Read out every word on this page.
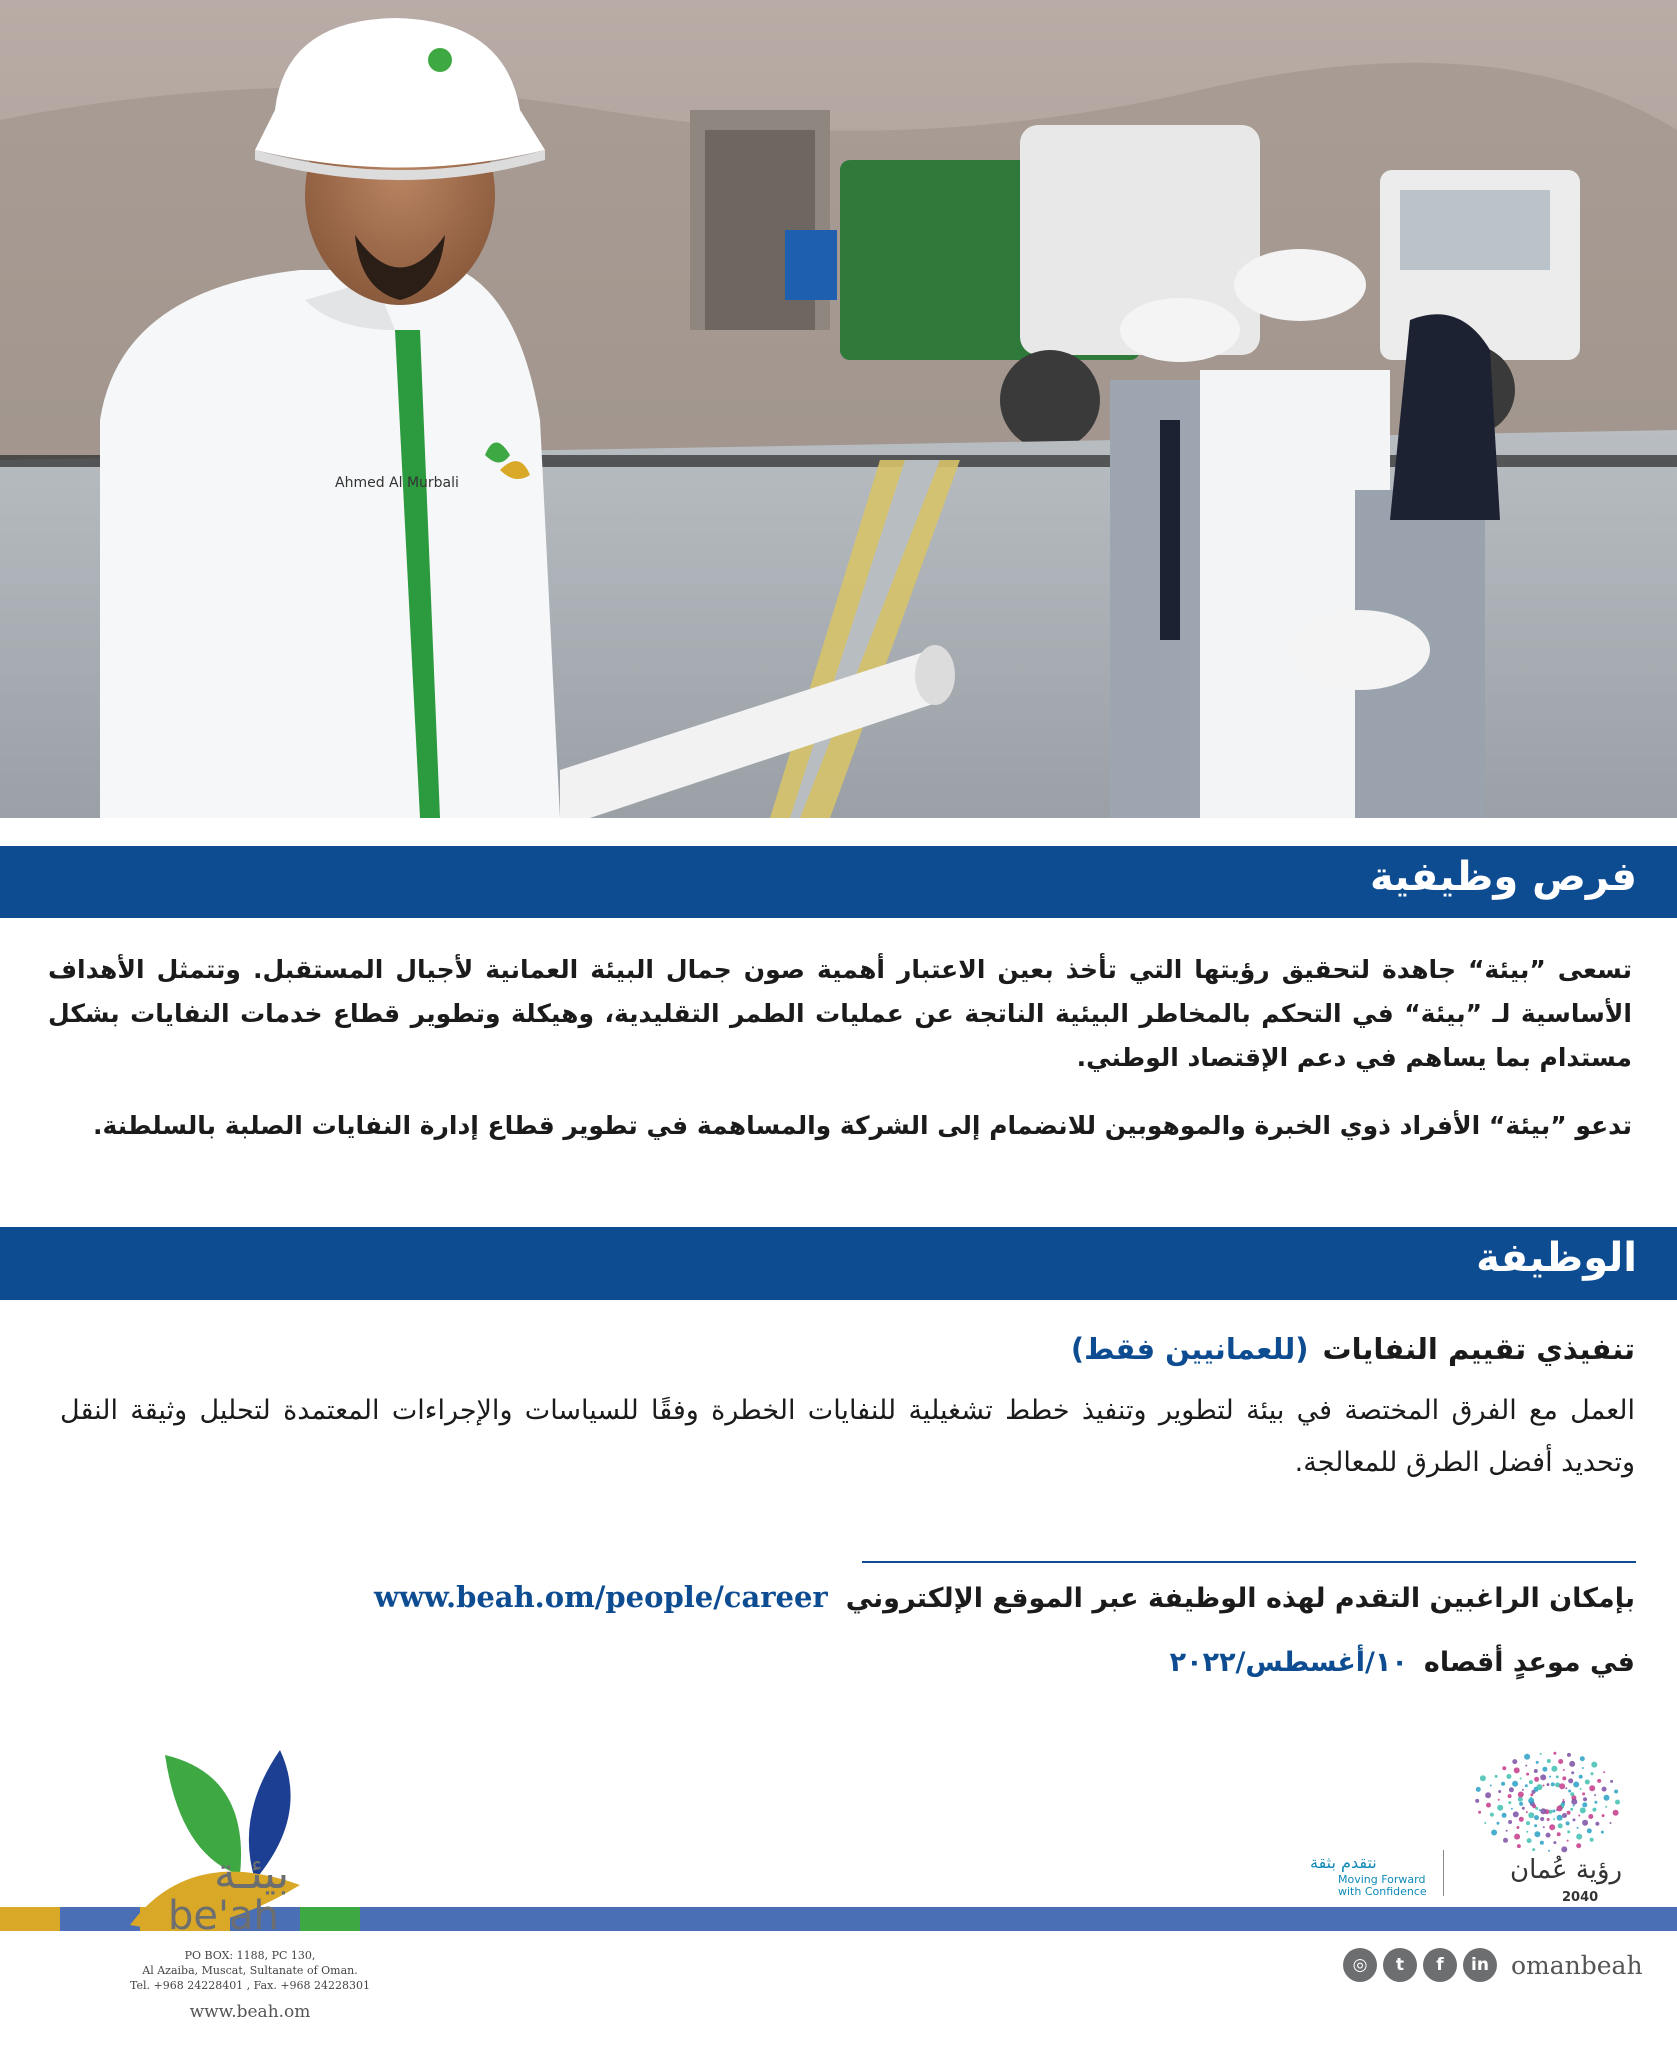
Ahmed Al Murbali
فرص وظيفية
تسعى ”بيئة“ جاهدة لتحقيق رؤيتها التي تأخذ بعين الاعتبار أهمية صون جمال البيئة العمانية لأجيال المستقبل. وتتمثل الأهداف الأساسية لـ ”بيئة“ في التحكم بالمخاطر البيئية الناتجة عن عمليات الطمر التقليدية، وهيكلة وتطوير قطاع خدمات النفايات بشكل مستدام بما يساهم في دعم الإقتصاد الوطني.
تدعو ”بيئة“ الأفراد ذوي الخبرة والموهوبين للانضمام إلى الشركة والمساهمة في تطوير قطاع إدارة النفايات الصلبة بالسلطنة.
الوظيفة
تنفيذي تقييم النفايات(للعمانيين فقط)
العمل مع الفرق المختصة في بيئة لتطوير وتنفيذ خطط تشغيلية للنفايات الخطرة وفقًا للسياسات والإجراءات المعتمدة لتحليل وثيقة النقل وتحديد أفضل الطرق للمعالجة.
بإمكان الراغبين التقدم لهذه الوظيفة عبر الموقع الإلكترونيwww.beah.om/people/career
في موعدٍ أقصاه١٠/أغسطس/٢٠٢٢
بيئـة
be'ah
PO BOX: 1188, PC 130,
Al Azaiba, Muscat, Sultanate of Oman.
Tel. +968 24228401 , Fax. +968 24228301
www.beah.om
رؤية عُمان
2040
نتقدم بثقة
Moving Forward
with Confidence
◎	t	f	in omanbeah
